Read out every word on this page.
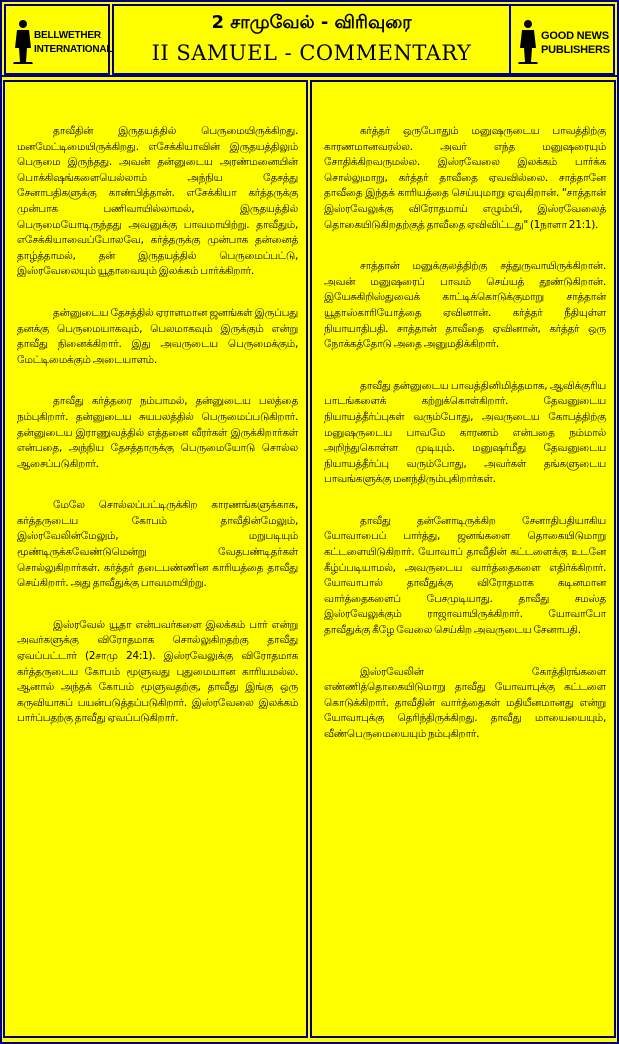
BELLWETHER
INTERNATIONAL
2 சாமுவேல் - விரிவுரை
II SAMUEL - COMMENTARY
GOOD NEWS
PUBLISHERS

தாவீதின் இருதயத்தில் பெருமையிருக்கிறது. மனமேட்டிமையிருக்கிறது. எசேக்கியாவின் இருதயத்திலும் பெருமை இருந்தது. அவன் தன்னுடைய அரண்மனையின் பொக்கிஷங்களையெல்லாம் அந்நிய தேசத்து சேனாபதிகளுக்கு காண்பித்தான். எசேக்கியா கர்த்தருக்கு முன்பாக பணிவாயில்லாமல், இருதயத்தில் பெருமையோடிருந்தது அவனுக்கு பாவமாயிற்று. தாவீதும், எசேக்கியாவைப்போலவே, கர்த்தருக்கு முன்பாக தன்னைத் தாழ்த்தாமல், தன் இருதயத்தில் பெருமைப்பட்டு, இஸ்ரவேலையும் யூதாவையும் இலக்கம் பார்க்கிறார்.

தன்னுடைய தேசத்தில் ஏராளமான ஜனங்கள் இருப்பது தனக்கு பெருமையாகவும், பெலமாகவும் இருக்கும் என்று தாவீது நினைக்கிறார். இது அவருடைய பெருமைக்கும், மேட்டிமைக்கும் அடையாளம்.

தாவீது கர்த்தரை நம்பாமல், தன்னுடைய பலத்தை நம்புகிறார். தன்னுடைய சுயபலத்தில் பெருமைப்படுகிறார். தன்னுடைய இராணுவத்தில் எத்தனை வீரர்கள் இருக்கிறார்கள் என்பதை, அந்நிய தேசத்தாருக்கு பெருமையோடு சொல்ல ஆசைப்படுகிறார்.

மேலே சொல்லப்பட்டிருக்கிற காரணங்களுக்காக, கர்த்தருடைய கோபம் தாவீதின்மேலும், இஸ்ரவேலின்மேலும், மறுபடியும் மூண்டிருக்கவேண்டுமென்று வேதபண்டிதர்கள் சொல்லுகிறார்கள். கர்த்தர் தடைபண்ணின காரியத்தை தாவீது செய்கிறார். அது தாவீதுக்கு பாவமாயிற்று.

இஸ்ரவேல் யூதா என்பவர்களை இலக்கம் பார் என்று அவர்களுக்கு விரோதமாக சொல்லுகிறதற்கு தாவீது ஏவப்பட்டார் (2சாமு 24:1). இஸ்ரவேலுக்கு விரோதமாக கர்த்தருடைய கோபம் மூளுவது புதுமையான காரியமல்ல. ஆனால் அந்தக் கோபம் மூளுவதற்கு, தாவீது இங்கு ஒரு கருவியாகப் பயன்படுத்தப்படுகிறார். இஸ்ரவேலை இலக்கம் பார்ப்பதற்கு தாவீது ஏவப்படுகிறார்.

கர்த்தர் ஒருபோதும் மனுஷருடைய பாவத்திற்கு காரணமானவரல்ல. அவர் எந்த மனுஷரையும் சோதிக்கிறவருமல்ல. இஸ்ரவேலை இலக்கம் பார்க்க சொல்லுமாறு, கர்த்தர் தாவீதை ஏவவில்லை. சாத்தானே தாவீதை இந்தக் காரியத்தை செய்யுமாறு ஏவுகிறான். "சாத்தான் இஸ்ரவேலுக்கு விரோதமாய் எழும்பி, இஸ்ரவேலைத் தொகையிடுகிறதற்குத் தாவீதை ஏவிவிட்டது" (1நாளா 21:1).

சாத்தான் மனுக்குலத்திற்கு சத்துருவாயிருக்கிறான். அவன் மனுஷரைப் பாவம் செய்யத் தூண்டுகிறான். இயேசுகிறிஸ்துவைக் காட்டிக்கொடுக்குமாறு சாத்தான் யூதாஸ்காரியோத்தை ஏவினான். கர்த்தர் நீதியுள்ள நியாயாதிபதி. சாத்தான் தாவீதை ஏவினான், கர்த்தர் ஒரு நோக்கத்தோடு அதை அனுமதிக்கிறார்.

தாவீது தன்னுடைய பாவத்தினிமித்தமாக, ஆவிக்குரிய பாடங்களைக் கற்றுக்கொள்கிறார். தேவனுடைய நியாயத்தீர்ப்புகள் வரும்போது, அவருடைய கோபத்திற்கு மனுஷருடைய பாவமே காரணம் என்பதை நம்மால் அறிந்துகொள்ள முடியும். மனுஷர்மீது தேவனுடைய நியாயத்தீர்ப்பு வரும்போது, அவர்கள் தங்களுடைய பாவங்களுக்கு மனந்திரும்புகிறார்கள்.

தாவீது தன்னோடிருக்கிற சேனாதிபதியாகிய யோவாபைப் பார்த்து, ஜனங்களை தொகையிடுமாறு கட்டளையிடுகிறார். யோவாப் தாவீதின் கட்டளைக்கு உடனே கீழ்ப்படியாமல், அவருடைய வார்த்தைகளை எதிர்க்கிறார். யோவாபால் தாவீதுக்கு விரோதமாக கடினமான வார்த்தைகளைப் பேசமுடியாது. தாவீது சமஸ்த இஸ்ரவேலுக்கும் ராஜாவாயிருக்கிறார். யோவாபோ தாவீதுக்கு கீழே வேலை செய்கிற அவருடைய சேனாபதி.

இஸ்ரவேலின் கோத்திரங்களை எண்ணித்தொகையிடுமாறு தாவீது யோவாபுக்கு கட்டளை கொடுக்கிறார். தாவீதின் வார்த்தைகள் மதியீனமானது என்று யோவாபுக்கு தெரிந்திருக்கிறது. தாவீது மாயையையும், வீண்பெருமையையும் நம்புகிறார்.
